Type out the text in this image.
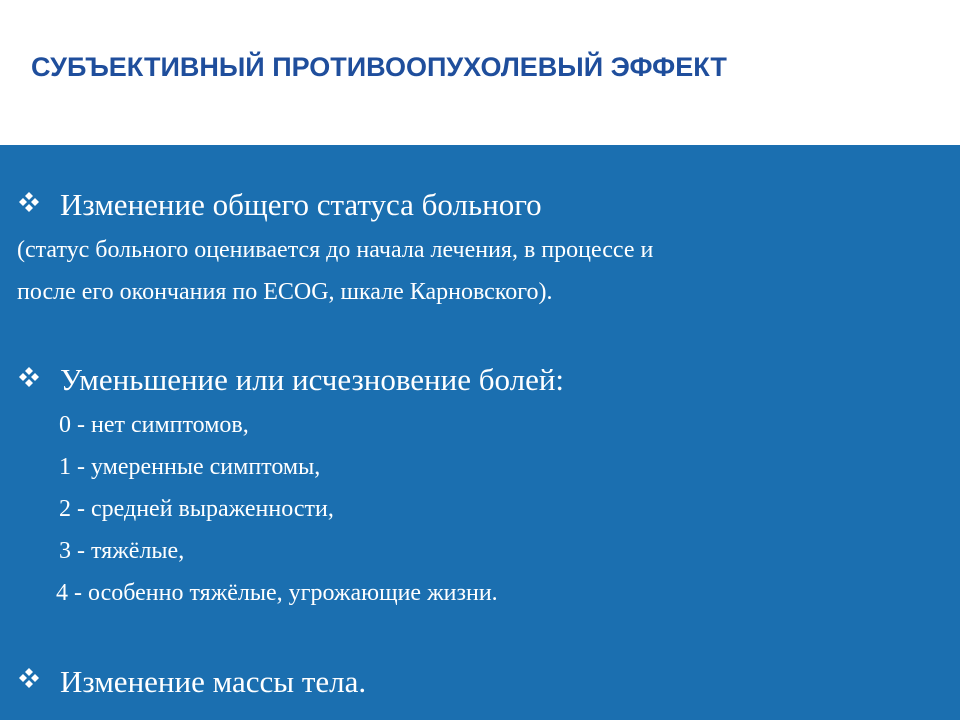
СУБЪЕКТИВНЫЙ ПРОТИВООПУХОЛЕВЫЙ ЭФФЕКТ
Изменение общего статуса больного
(статус больного оценивается до начала лечения, в процессе и
после его окончания по ECOG, шкале Карновского).
Уменьшение или исчезновение болей:
0 - нет симптомов,
1 - умеренные симптомы,
2 - средней выраженности,
3 - тяжёлые,
4 - особенно тяжёлые, угрожающие жизни.
Изменение массы тела.
